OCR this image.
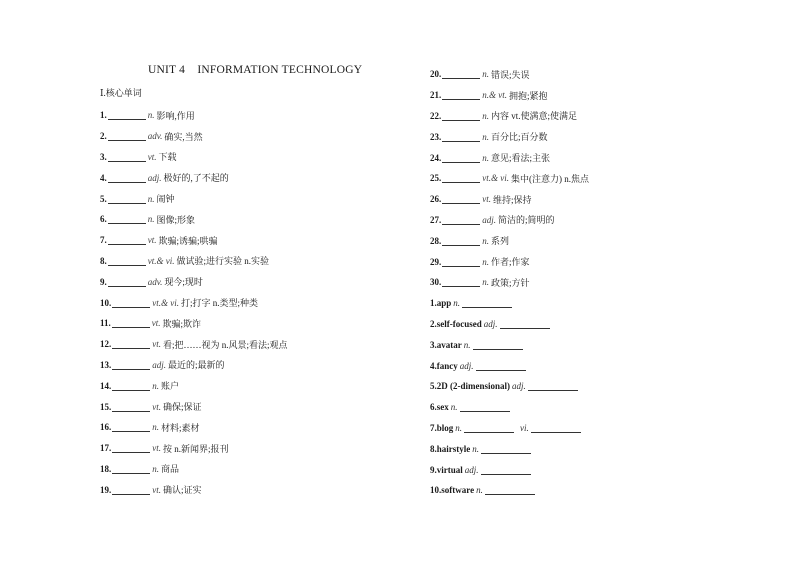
UNIT 4    INFORMATION TECHNOLOGY
Ⅰ.核心单词
1.	n. 影响,作用
2.	adv. 确实,当然
3.	vt. 下载
4.	adj. 极好的,了不起的
5.	n. 闹钟
6.	n. 图像;形象
7.	vt. 欺骗;诱骗;哄骗
8.	vt.& vi. 做试验;进行实验 n.实验
9.	adv. 现今;现时
10.	vt.& vi. 打;打字 n.类型;种类
11.	vt. 欺骗;欺诈
12.	vt. 看;把……视为 n.风景;看法;观点
13.	adj. 最近的;最新的
14.	n. 账户
15.	vt. 确保;保证
16.	n. 材料;素材
17.	vt. 按 n.新闻界;报刊
18.	n. 商品
19.	vt. 确认;证实
20.	n. 错误;失误
21.	n.& vt. 拥抱;紧抱
22.	n. 内容 vt.使满意;使满足
23.	n. 百分比;百分数
24.	n. 意见;看法;主张
25.	vt.& vi. 集中(注意力) n.焦点
26.	vt. 维持;保持
27.	adj. 简洁的;简明的
28.	n. 系列
29.	n. 作者;作家
30.	n. 政策;方针
1.app n.
2.self-focused adj.
3.avatar n.
4.fancy adj.
5.2D (2-dimensional) adj.
6.sex n.
7.blog n.	vi.
8.hairstyle n.
9.virtual adj.
10.software n.
